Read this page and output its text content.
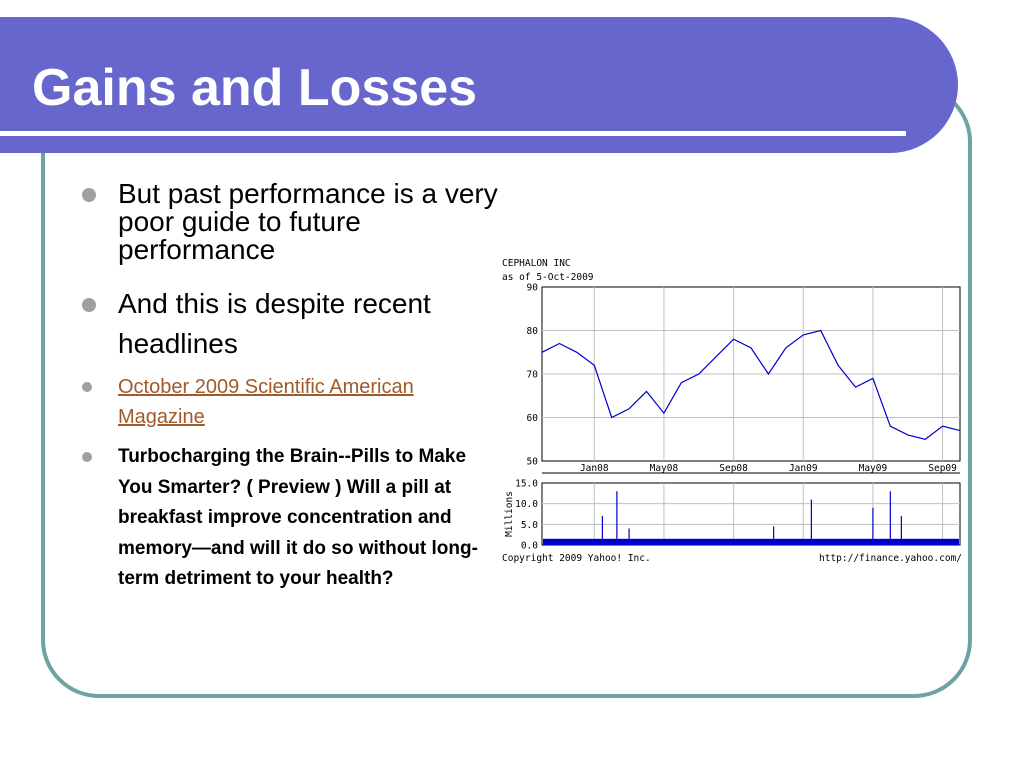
Gains and Losses
But past performance is a very poor guide to future performance
And this is despite recent headlines
October 2009 Scientific American Magazine
Turbocharging the Brain--Pills to Make You Smarter? ( Preview ) Will a pill at breakfast improve concentration and memory—and will it do so without long-term detriment to your health?
CEPHALON INC
as of 5-Oct-2009
50
60
70
80
90
Jan08	May08	Sep08	Jan09	May09	Sep09
0.0
5.0
10.0
15.0
Millions
Copyright 2009 Yahoo! Inc.	http://finance.yahoo.com/
